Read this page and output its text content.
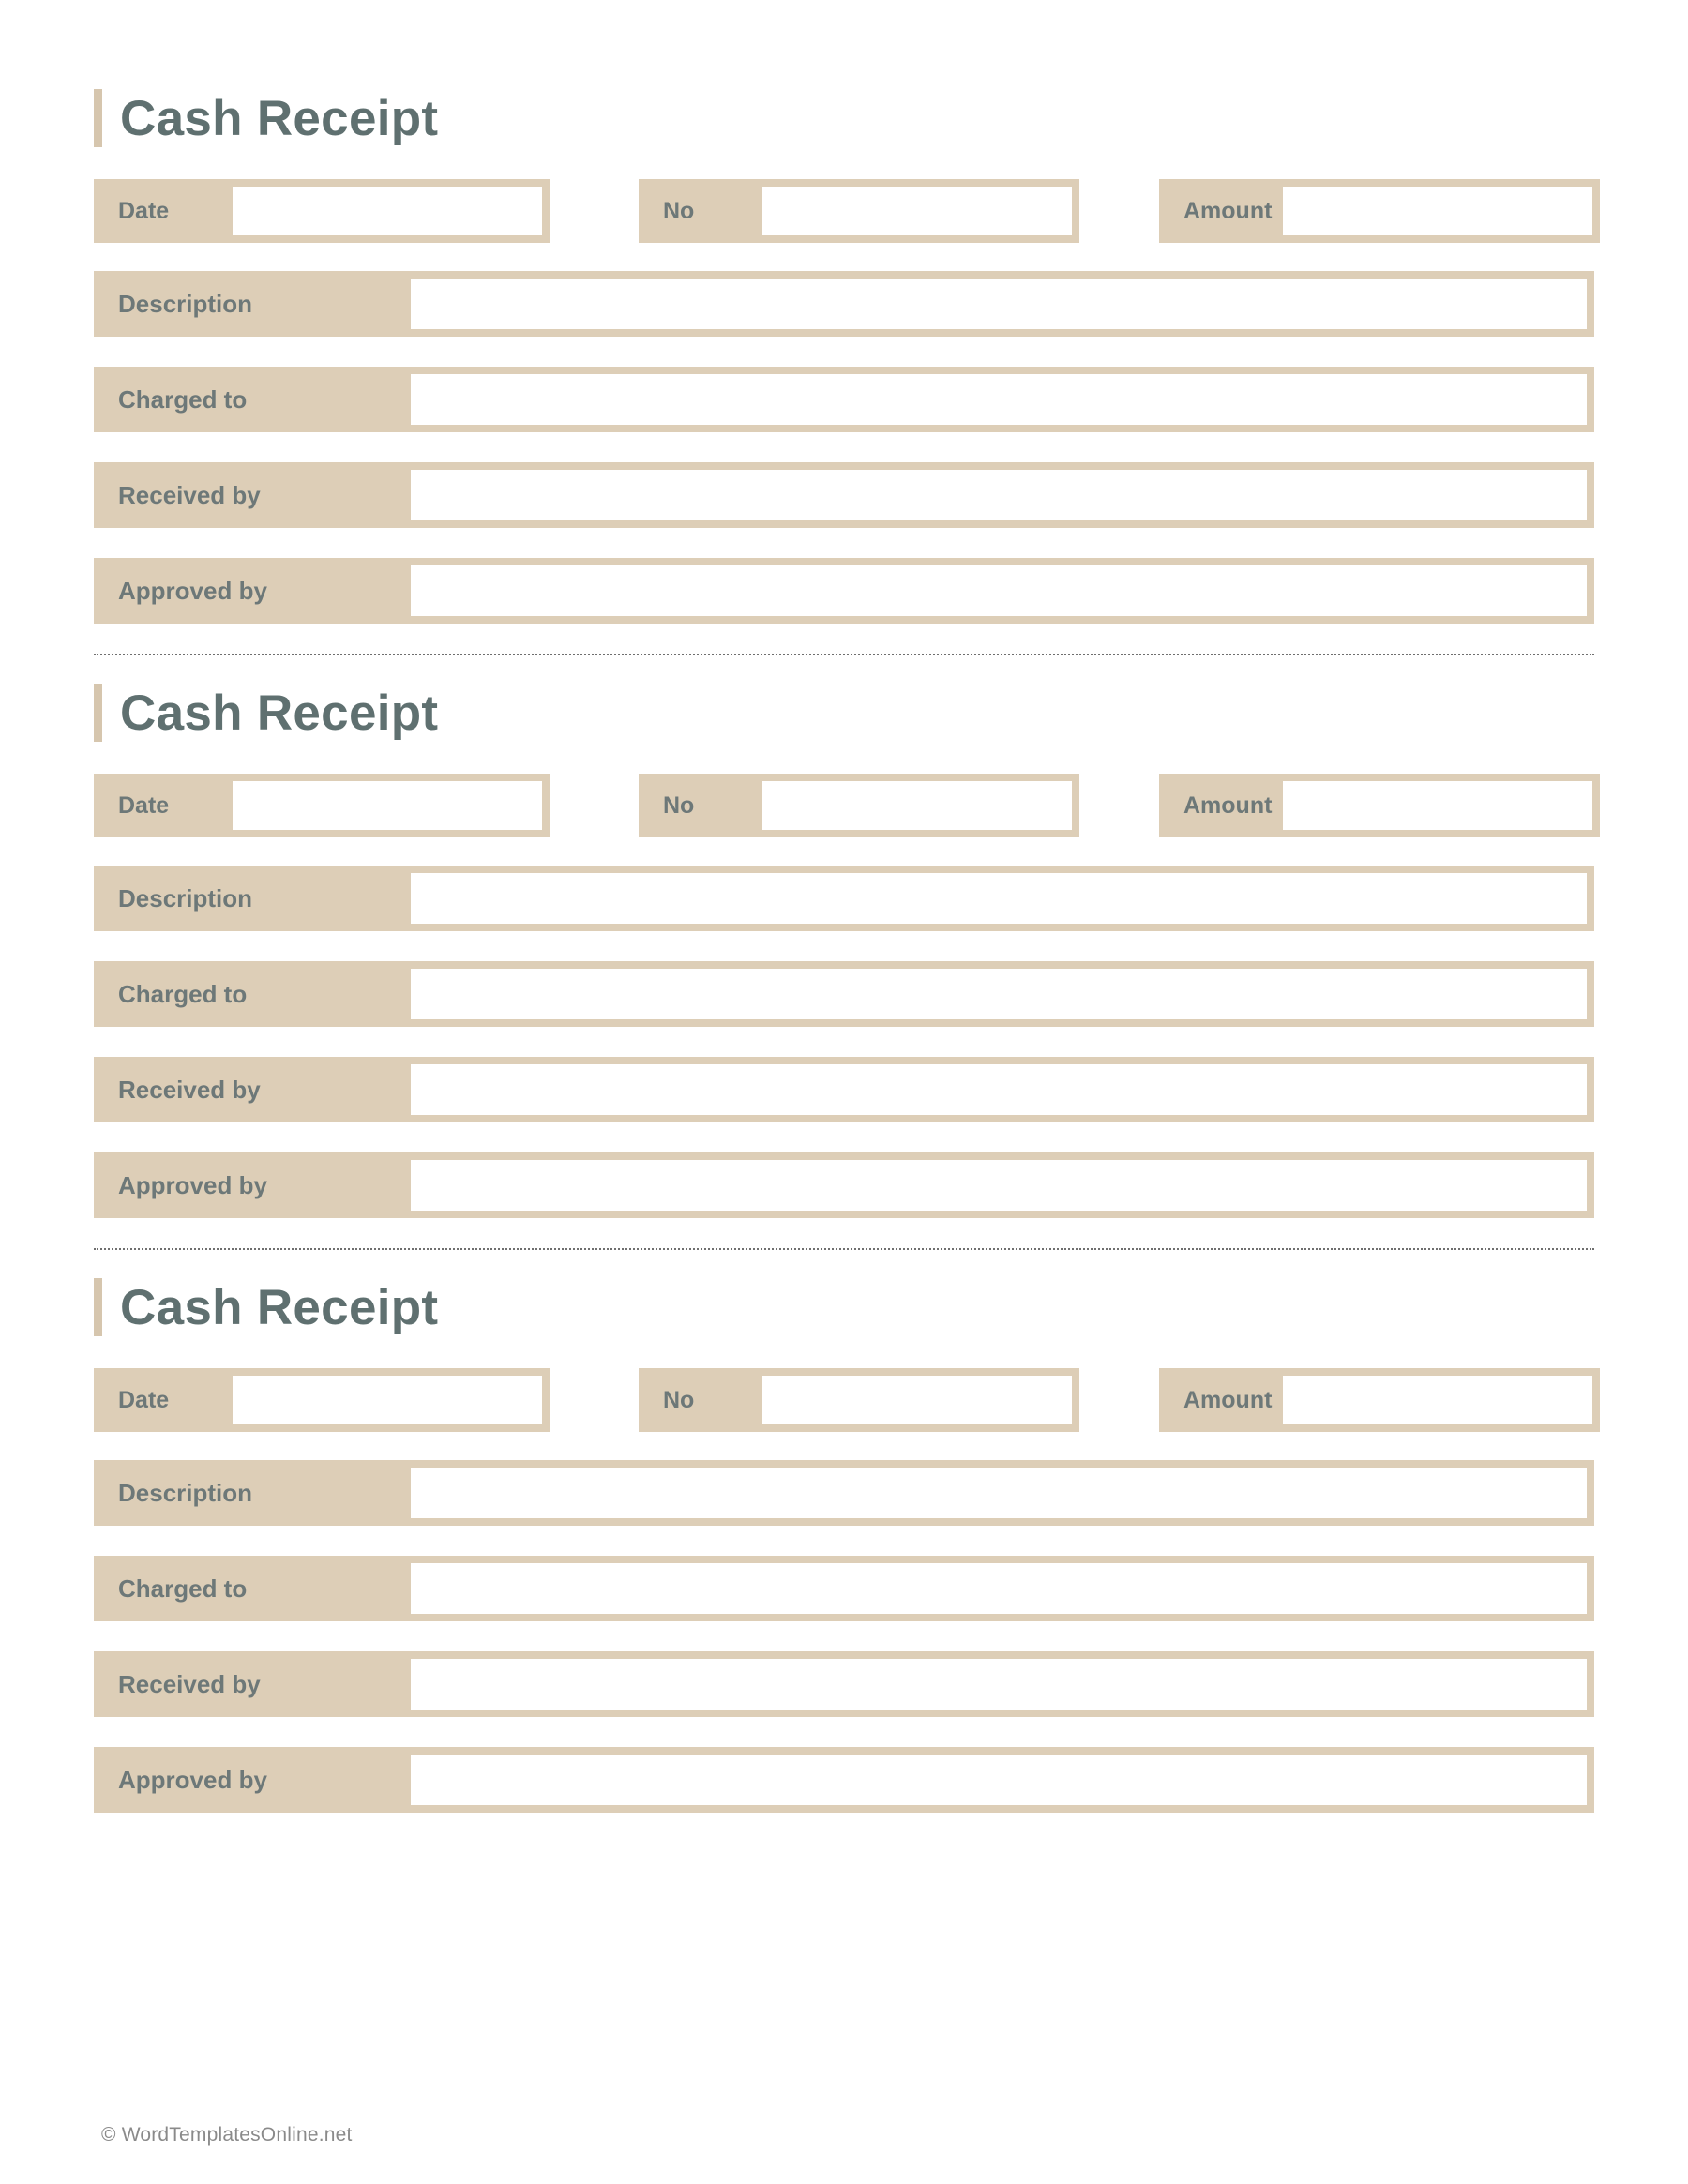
Cash Receipt
Date	No	Amount
Description
Charged to
Received by
Approved by
Cash Receipt
Date	No	Amount
Description
Charged to
Received by
Approved by
Cash Receipt
Date	No	Amount
Description
Charged to
Received by
Approved by
© WordTemplatesOnline.net
